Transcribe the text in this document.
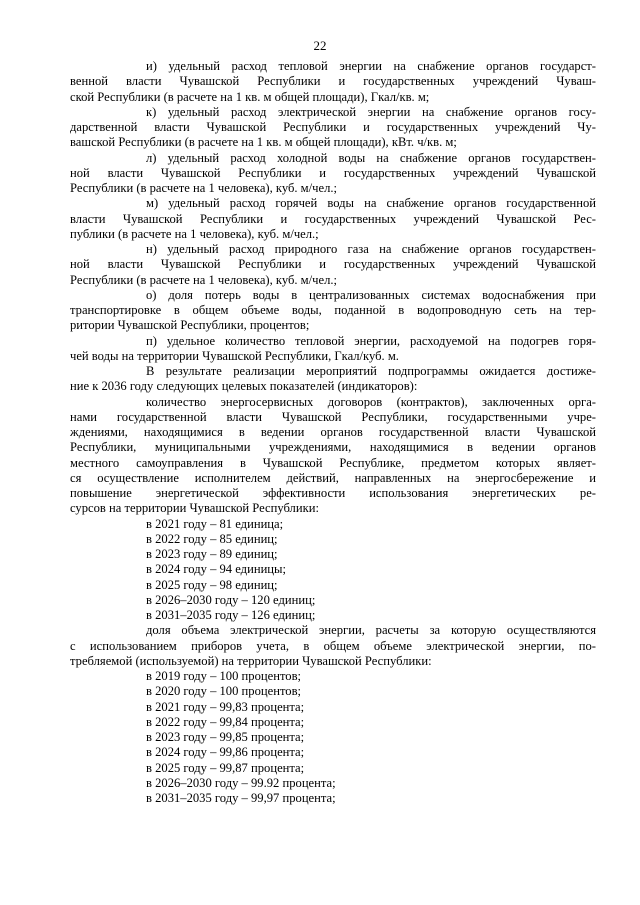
22
и) удельный расход тепловой энергии на снабжение органов государст-
венной власти Чувашской Республики и государственных учреждений Чуваш-
ской Республики (в расчете на 1 кв. м общей площади), Гкал/кв. м;
к) удельный расход электрической энергии на снабжение органов госу-
дарственной власти Чувашской Республики и государственных учреждений Чу-
вашской Республики (в расчете на 1 кв. м общей площади), кВт. ч/кв. м;
л) удельный расход холодной воды на снабжение органов государствен-
ной власти Чувашской Республики и государственных учреждений Чувашской
Республики (в расчете на 1 человека), куб. м/чел.;
м) удельный расход горячей воды на снабжение органов государственной
власти Чувашской Республики и государственных учреждений Чувашской Рес-
публики (в расчете на 1 человека), куб. м/чел.;
н) удельный расход природного газа на снабжение органов государствен-
ной власти Чувашской Республики и государственных учреждений Чувашской
Республики (в расчете на 1 человека), куб. м/чел.;
о) доля потерь воды в централизованных системах водоснабжения при
транспортировке в общем объеме воды, поданной в водопроводную сеть на тер-
ритории Чувашской Республики, процентов;
п) удельное количество тепловой энергии, расходуемой на подогрев горя-
чей воды на территории Чувашской Республики, Гкал/куб. м.
В результате реализации мероприятий подпрограммы ожидается достиже-
ние к 2036 году следующих целевых показателей (индикаторов):
количество энергосервисных договоров (контрактов), заключенных орга-
нами государственной власти Чувашской Республики, государственными учре-
ждениями, находящимися в ведении органов государственной власти Чувашской
Республики, муниципальными учреждениями, находящимися в ведении органов
местного самоуправления в Чувашской Республике, предметом которых являет-
ся осуществление исполнителем действий, направленных на энергосбережение и
повышение энергетической эффективности использования энергетических ре-
сурсов на территории Чувашской Республики:

в 2021 году – 81 единица;

в 2022 году – 85 единиц;

в 2023 году – 89 единиц;

в 2024 году – 94 единицы;

в 2025 году – 98 единиц;

в 2026–2030 году – 120 единиц;

в 2031–2035 году – 126 единиц;

доля объема электрической энергии, расчеты за которую осуществляются
с использованием приборов учета, в общем объеме электрической энергии, по-
требляемой (используемой) на территории Чувашской Республики:

в 2019 году – 100 процентов;

в 2020 году – 100 процентов;

в 2021 году – 99,83 процента;

в 2022 году – 99,84 процента;

в 2023 году – 99,85 процента;

в 2024 году – 99,86 процента;

в 2025 году – 99,87 процента;

в 2026–2030 году – 99.92 процента;

в 2031–2035 году – 99,97 процента;
